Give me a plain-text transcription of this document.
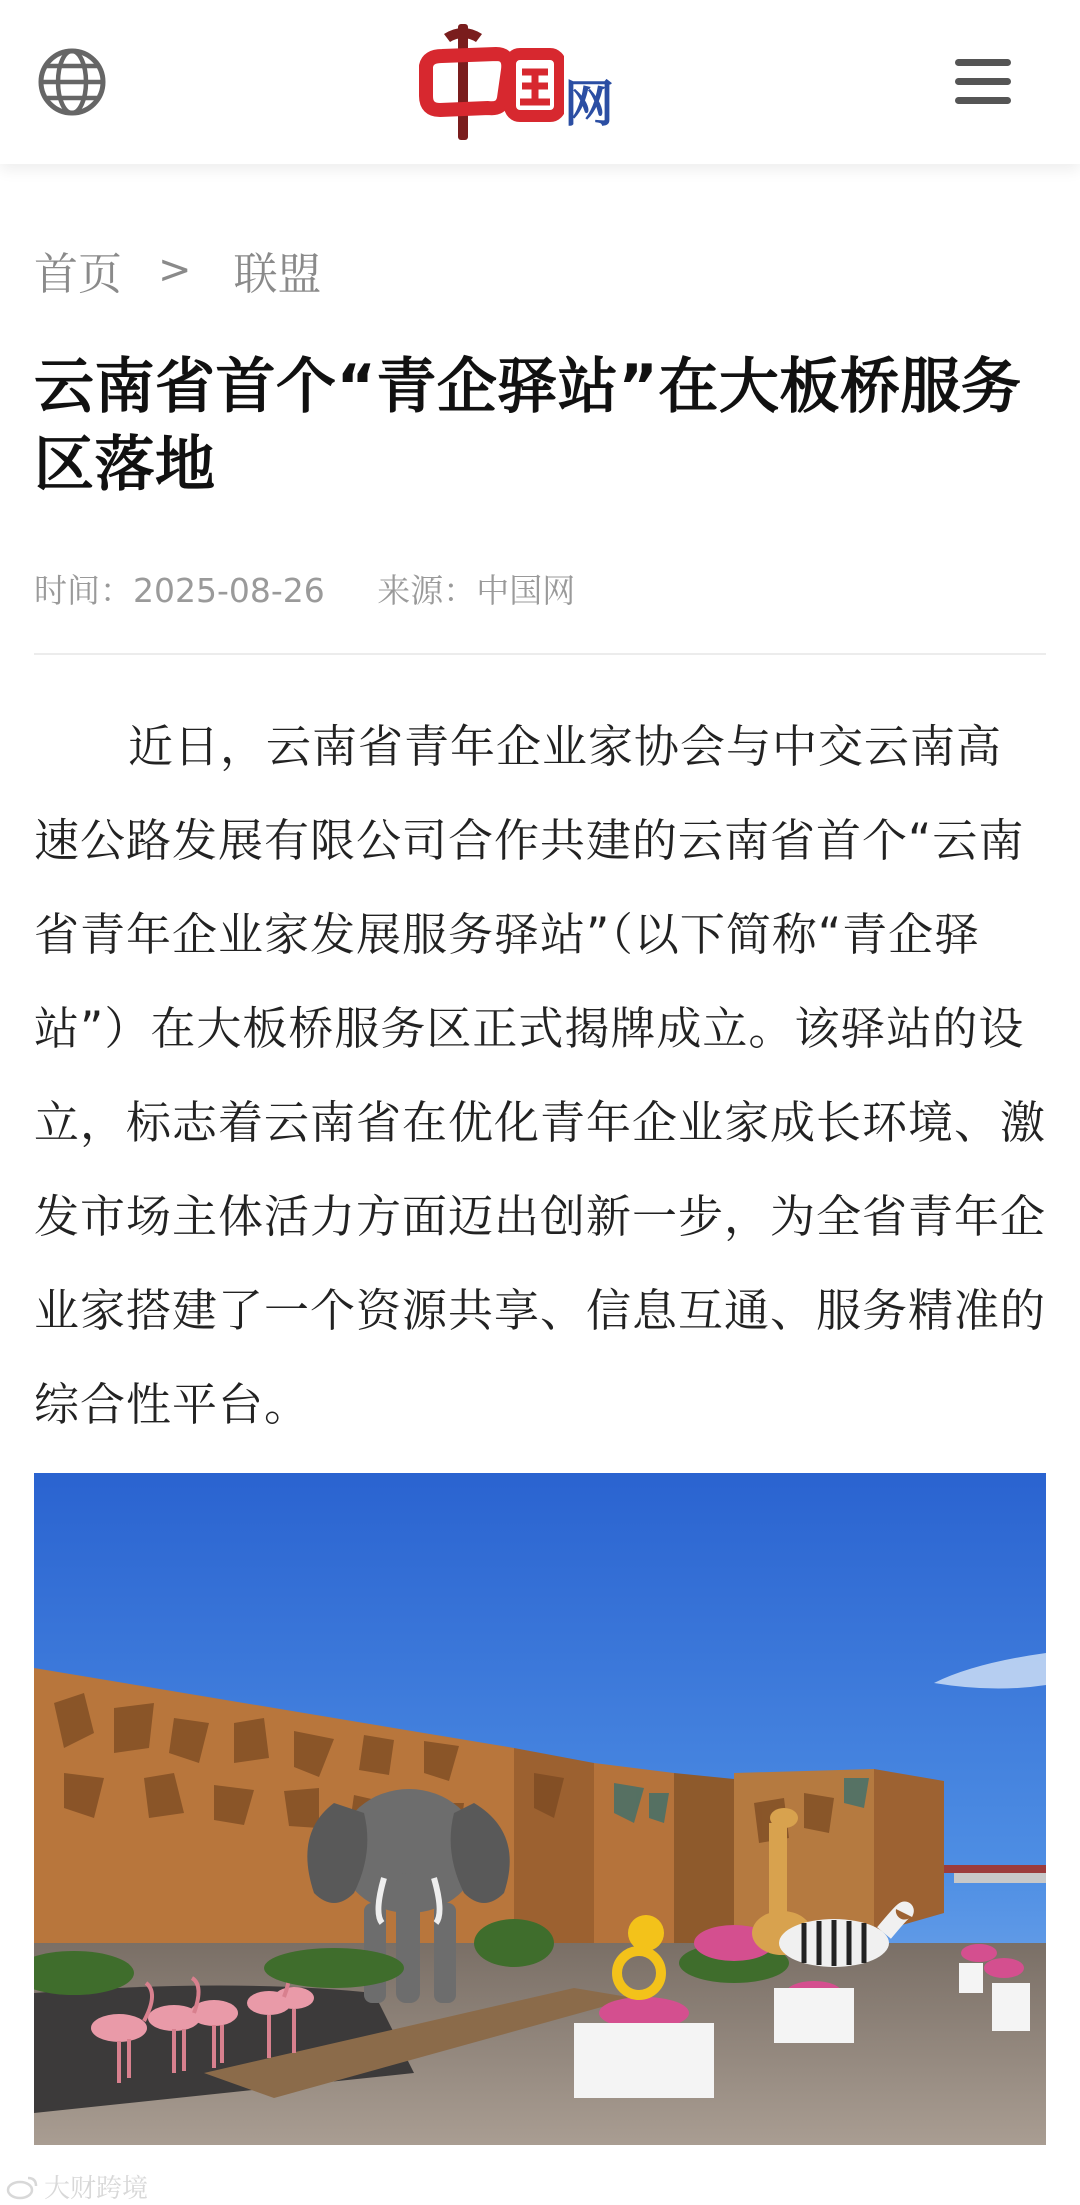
网
首页 > 联盟
云南省首个“青企驿站”在大板桥服务区落地
时间：2025-08-26 来源：中国网

近日，云南省青年企业家协会与中交云南高速公路发展有限公司合作共建的云南省首个“云南省青年企业家发展服务驿站”（以下简称“青企驿站”）在大板桥服务区正式揭牌成立。该驿站的设立，标志着云南省在优化青年企业家成长环境、激发市场主体活力方面迈出创新一步，为全省青年企业家搭建了一个资源共享、信息互通、服务精准的综合性平台。

大财跨境
